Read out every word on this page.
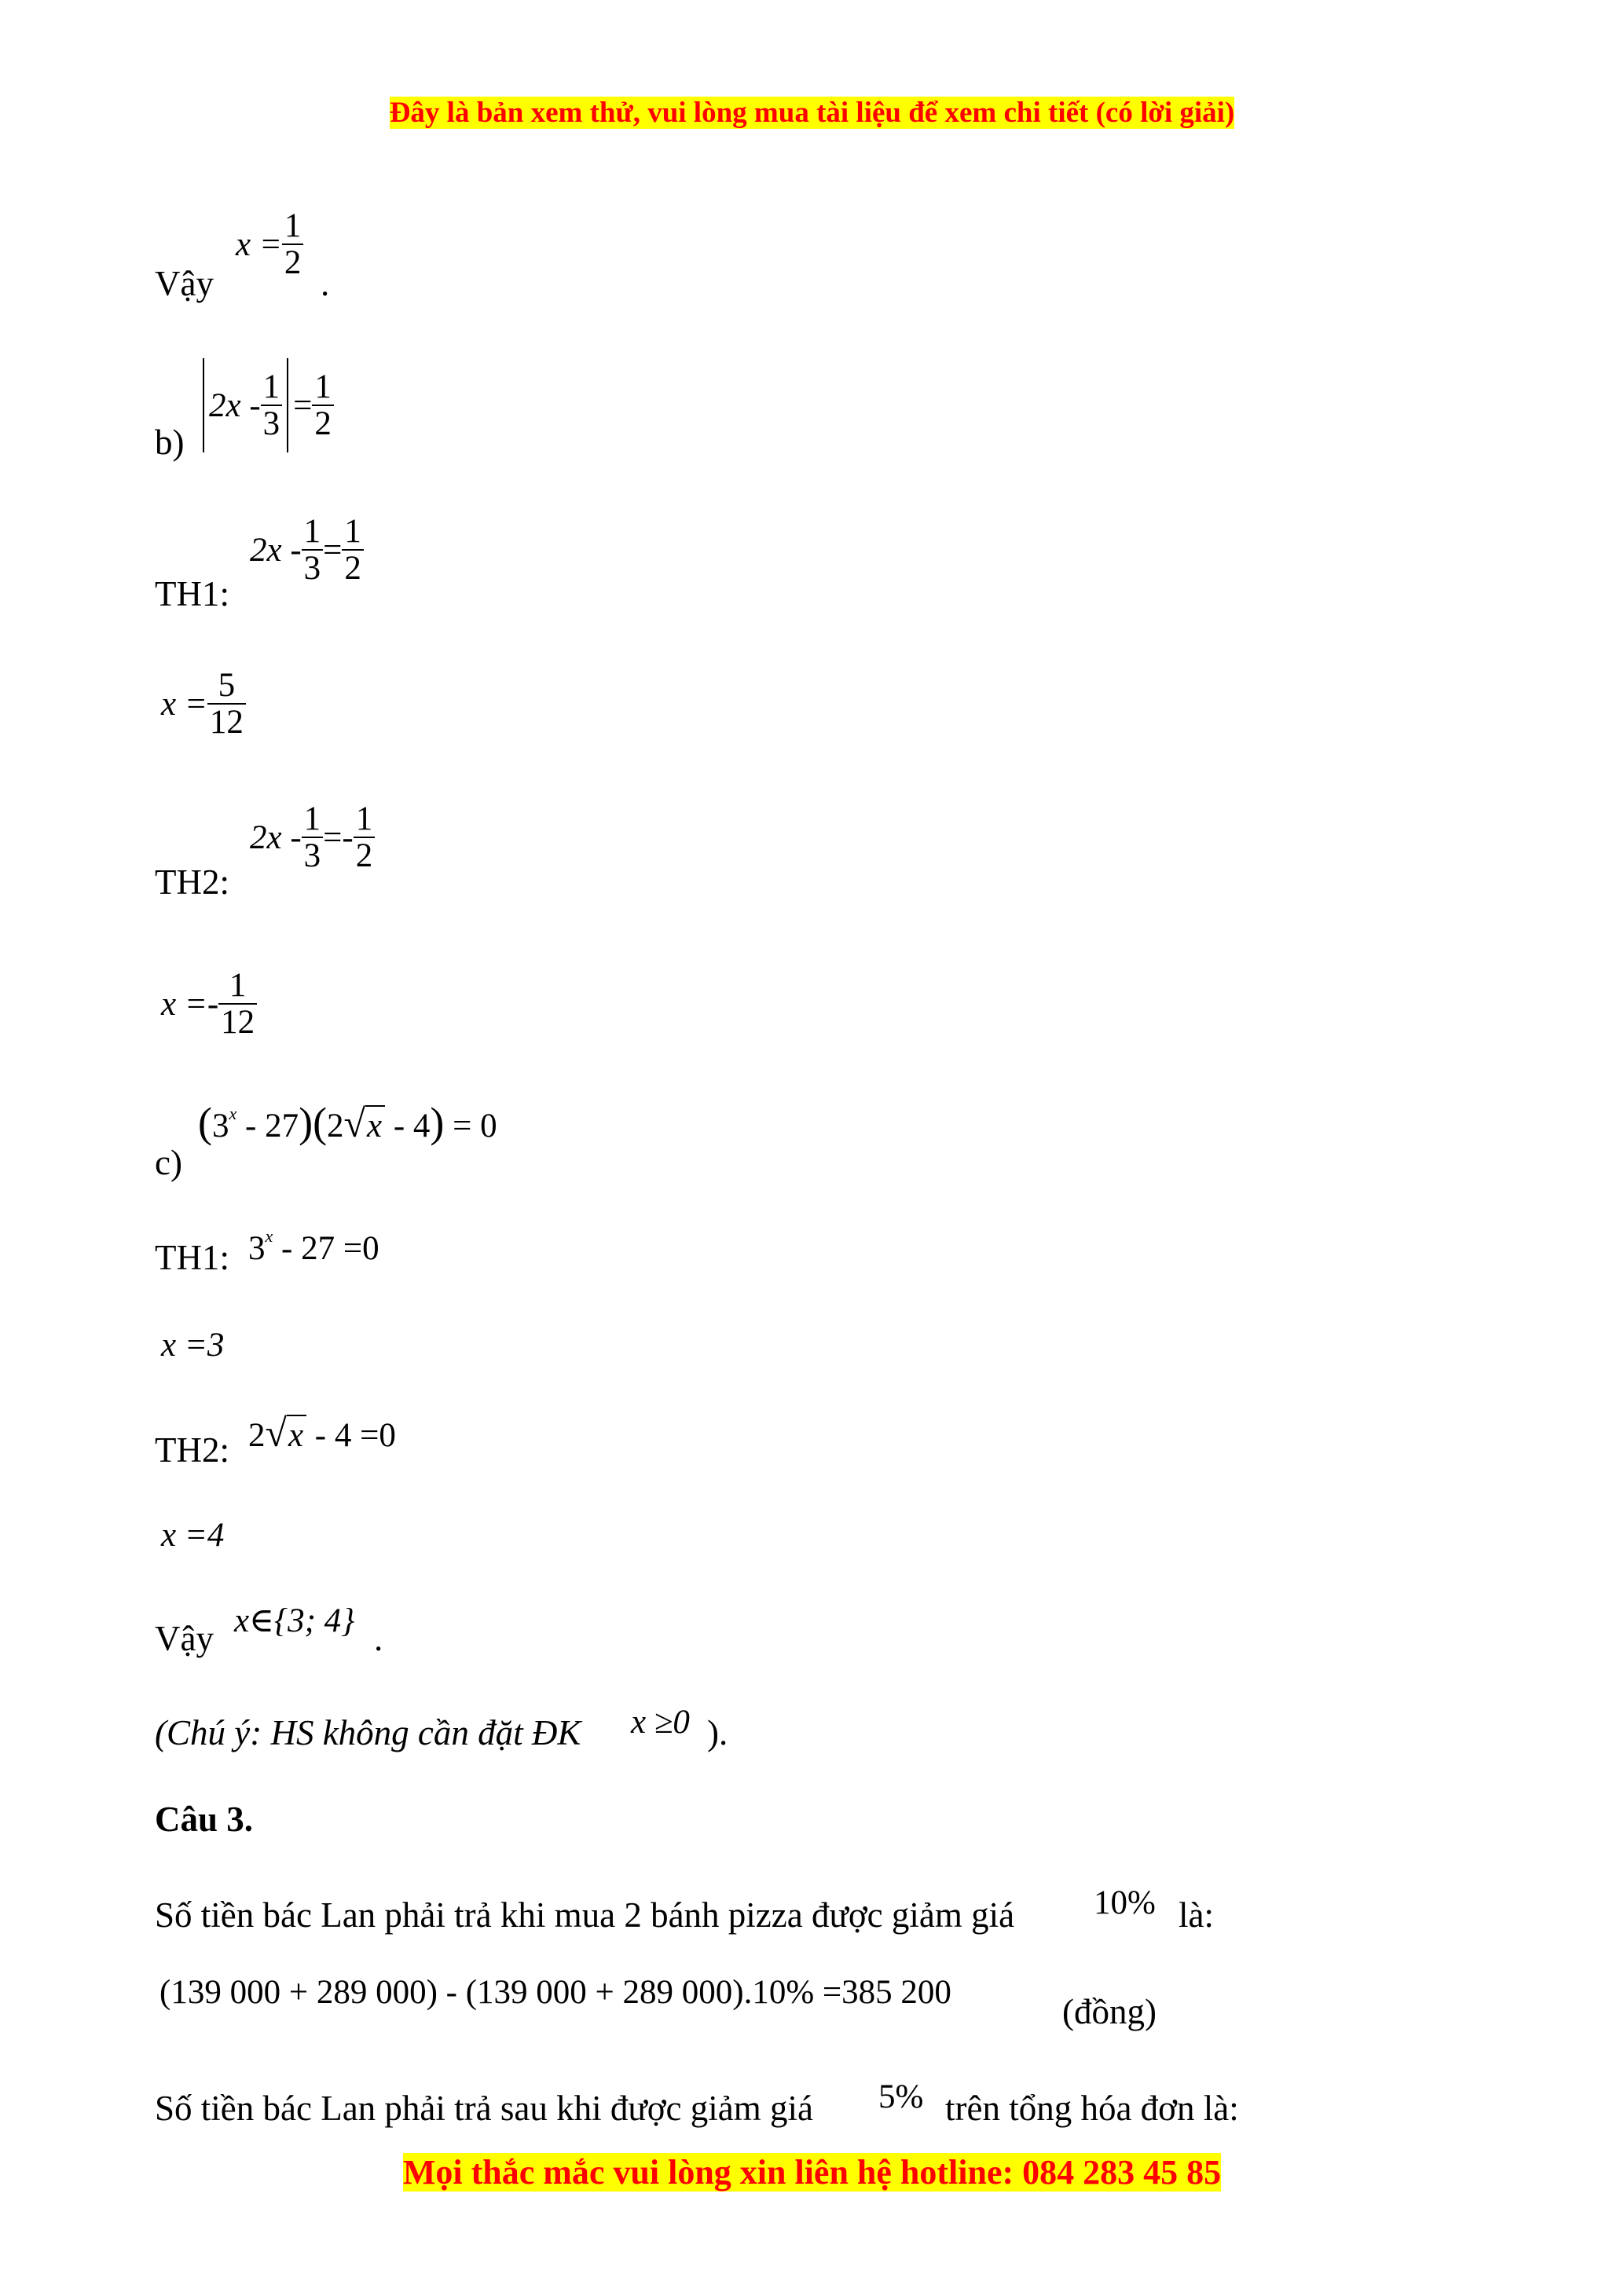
Đây là bản xem thử, vui lòng mua tài liệu để xem chi tiết (có lời giải)
Vậy
$x = \frac{1}{2}$
.
b)
$2x - \frac{1}{3} = \frac{1}{2}$
TH1:
$2x - \frac{1}{3} = \frac{1}{2}$
$x = \frac{5}{12}$
TH2:
$2x - \frac{1}{3} =- \frac{1}{2}$
$x =- \frac{1}{12}$
c)
(3$^x$ - 27)(2√x - 4) = 0
TH1: 3$^x$ - 27 =0
x =3
TH2: 2√x - 4 =0
x =4
Vậy x∈{3; 4} .
(Chú ý: HS không cần đặt ĐK x ≥0 ).
Câu 3.
Số tiền bác Lan phải trả khi mua 2 bánh pizza được giảm giá 10% là:
(139 000 + 289 000) - (139 000 + 289 000).10% =385 200	(đồng)
Số tiền bác Lan phải trả sau khi được giảm giá 5% trên tổng hóa đơn là:
Mọi thắc mắc vui lòng xin liên hệ hotline: 084 283 45 85
